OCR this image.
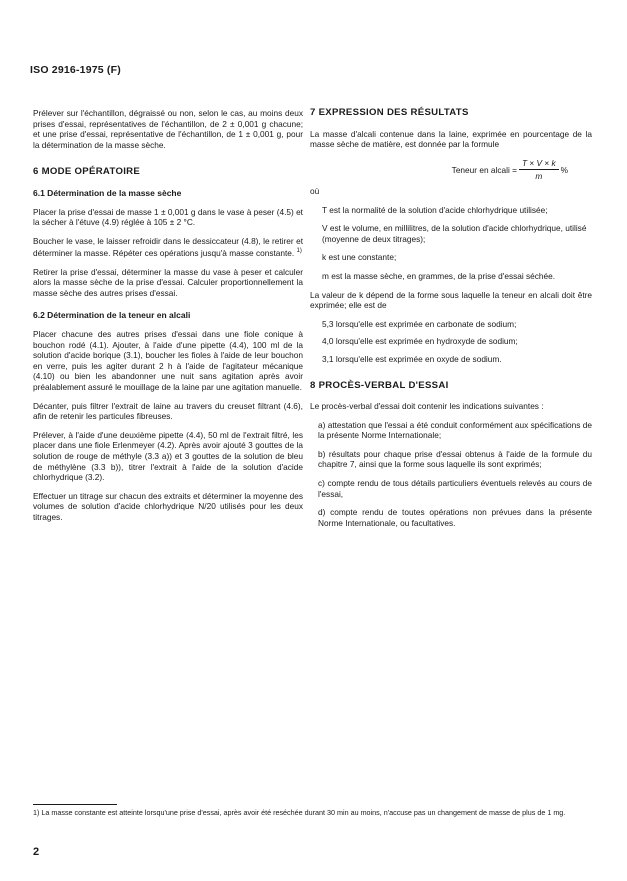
ISO 2916-1975 (F)

Prélever sur l'échantillon, dégraissé ou non, selon le cas, au moins deux prises d'essai, représentatives de l'échantillon, de 2 ± 0,001 g chacune; et une prise d'essai, représentative de l'échantillon, de 1 ± 0,001 g, pour la détermination de la masse sèche.

6 MODE OPÉRATOIRE
6.1 Détermination de la masse sèche

Placer la prise d'essai de masse 1 ± 0,001 g dans le vase à peser (4.5) et la sécher à l'étuve (4.9) réglée à 105 ± 2 °C.

Boucher le vase, le laisser refroidir dans le dessiccateur (4.8), le retirer et déterminer la masse. Répéter ces opérations jusqu'à masse constante. $^{1)}$

Retirer la prise d'essai, déterminer la masse du vase à peser et calculer alors la masse sèche de la prise d'essai. Calculer proportionnellement la masse sèche des autres prises d'essai.

6.2 Détermination de la teneur en alcali

Placer chacune des autres prises d'essai dans une fiole conique à bouchon rodé (4.1). Ajouter, à l'aide d'une pipette (4.4), 100 ml de la solution d'acide borique (3.1), boucher les fioles à l'aide de leur bouchon en verre, puis les agiter durant 2 h à l'aide de l'agitateur mécanique (4.10) ou bien les abandonner une nuit sans agitation après avoir préalablement assuré le mouillage de la laine par une agitation manuelle.

Décanter, puis filtrer l'extrait de laine au travers du creuset filtrant (4.6), afin de retenir les particules fibreuses.

Prélever, à l'aide d'une deuxième pipette (4.4), 50 ml de l'extrait filtré, les placer dans une fiole Erlenmeyer (4.2). Après avoir ajouté 3 gouttes de la solution de rouge de méthyle (3.3 a)) et 3 gouttes de la solution de bleu de méthylène (3.3 b)), titrer l'extrait à l'aide de la solution d'acide chlorhydrique (3.2).

Effectuer un titrage sur chacun des extraits et déterminer la moyenne des volumes de solution d'acide chlorhydrique N/20 utilisés pour les deux titrages.

7 EXPRESSION DES RÉSULTATS

La masse d'alcali contenue dans la laine, exprimée en pourcentage de la masse sèche de matière, est donnée par la formule

Teneur en alcali = $\frac{T \times V \times k}{m}$ %
où
T est la normalité de la solution d'acide chlorhydrique utilisée;
V est le volume, en millilitres, de la solution d'acide chlorhydrique, utilisé (moyenne de deux titrages);
k est une constante;
m est la masse sèche, en grammes, de la prise d'essai séchée.

La valeur de k dépend de la forme sous laquelle la teneur en alcali doit être exprimée; elle est de

5,3 lorsqu'elle est exprimée en carbonate de sodium;
4,0 lorsqu'elle est exprimée en hydroxyde de sodium;
3,1 lorsqu'elle est exprimée en oxyde de sodium.
8 PROCÈS-VERBAL D'ESSAI

Le procès-verbal d'essai doit contenir les indications suivantes :

a) attestation que l'essai a été conduit conformément aux spécifications de la présente Norme Internationale;

b) résultats pour chaque prise d'essai obtenus à l'aide de la formule du chapitre 7, ainsi que la forme sous laquelle ils sont exprimés;

c) compte rendu de tous détails particuliers éventuels relevés au cours de l'essai,

d) compte rendu de toutes opérations non prévues dans la présente Norme Internationale, ou facultatives.

1) La masse constante est atteinte lorsqu'une prise d'essai, après avoir été reséchée durant 30 min au moins, n'accuse pas un changement de masse de plus de 1 mg.
2
